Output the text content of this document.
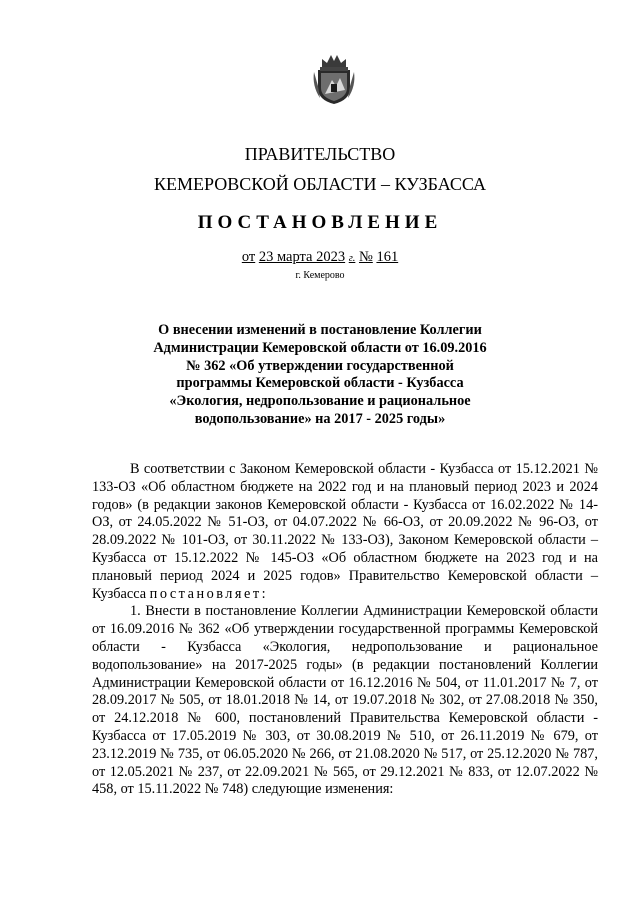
ПРАВИТЕЛЬСТВО
КЕМЕРОВСКОЙ ОБЛАСТИ – КУЗБАССА
ПОСТАНОВЛЕНИЕ
от 23 марта 2023 г. № 161
г. Кемерово
О внесении изменений в постановление Коллегии Администрации Кемеровской области от 16.09.2016 № 362 «Об утверждении государственной программы Кемеровской области - Кузбасса «Экология, недропользование и рациональное водопользование» на 2017 - 2025 годы»

В соответствии с Законом Кемеровской области - Кузбасса от 15.12.2021 № 133-ОЗ «Об областном бюджете на 2022 год и на плановый период 2023 и 2024 годов» (в редакции законов Кемеровской области - Кузбасса от 16.02.2022 № 14-ОЗ, от 24.05.2022 № 51-ОЗ, от 04.07.2022 № 66-ОЗ, от 20.09.2022 № 96-ОЗ, от 28.09.2022 № 101-ОЗ, от 30.11.2022 № 133-ОЗ), Законом Кемеровской области – Кузбасса от 15.12.2022 № 145-ОЗ «Об областном бюджете на 2023 год и на плановый период 2024 и 2025 годов» Правительство Кемеровской области – Кузбасса постановляет:

1. Внести в постановление Коллегии Администрации Кемеровской области от 16.09.2016 № 362 «Об утверждении государственной программы Кемеровской области - Кузбасса «Экология, недропользование и рациональное водопользование» на 2017-2025 годы» (в редакции постановлений Коллегии Администрации Кемеровской области от 16.12.2016 № 504, от 11.01.2017 № 7, от 28.09.2017 № 505, от 18.01.2018 № 14, от 19.07.2018 № 302, от 27.08.2018 № 350, от 24.12.2018 № 600, постановлений Правительства Кемеровской области - Кузбасса от 17.05.2019 № 303, от 30.08.2019 № 510, от 26.11.2019 № 679, от 23.12.2019 № 735, от 06.05.2020 № 266, от 21.08.2020 № 517, от 25.12.2020 № 787, от 12.05.2021 № 237, от 22.09.2021 № 565, от 29.12.2021 № 833, от 12.07.2022 № 458, от 15.11.2022 № 748) следующие изменения:
